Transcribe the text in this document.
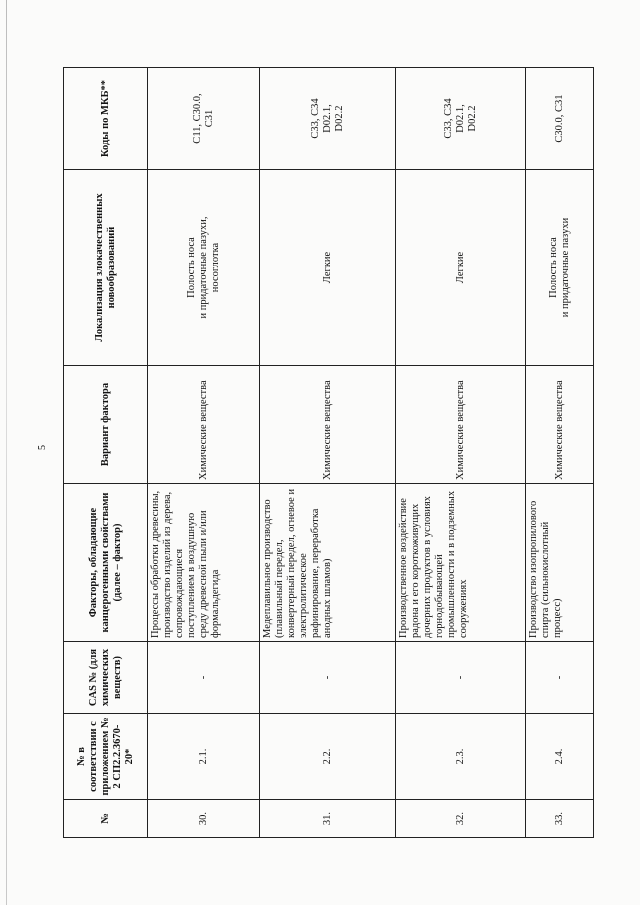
5
№	№ в соответствии с приложением № 2 СП2.2.3670-20*	CAS № (для химических веществ)	Факторы, обладающие канцерогенными свойствами (далее – фактор)	Вариант фактора	Локализация злокачественных новообразований	Коды по МКБ**
30.	2.1.	-	Процессы обработки древесины, производство изделий из дерева, сопровождающиеся поступлением в воздушную среду древесной пыли и/или формальдегида	Химические вещества	Полость носа
и придаточные пазухи,
носоглотка	С11, С30.0,
С31
31.	2.2.	-	Медеплавильное производство (плавильный передел, конвертерный передел, огневое и электролитическое рафинирование, переработка анодных шламов)	Химические вещества	Легкие	С33, С34
D02.1,
D02.2
32.	2.3.	-	Производственное воздействие радона и его короткоживущих дочерних продуктов в условиях горнодобывающей промышленности и в подземных сооружениях	Химические вещества	Легкие	С33, С34
D02.1,
D02.2
33.	2.4.	-	Производство изопропилового спирта (сильнокислотный процесс)	Химические вещества	Полость носа
и придаточные пазухи	С30.0, С31
